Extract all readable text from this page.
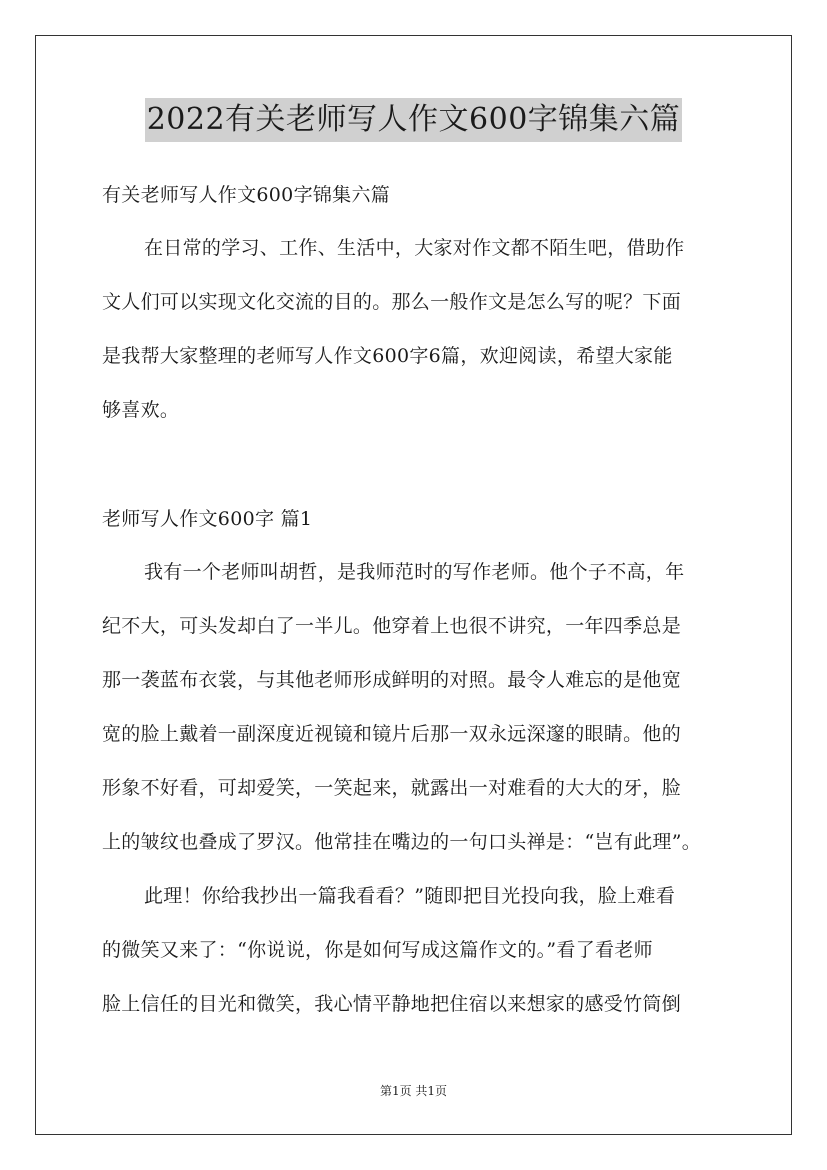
2022有关老师写人作文600字锦集六篇
有关老师写人作文600字锦集六篇
在日常的学习、工作、生活中，大家对作文都不陌生吧，借助作
文人们可以实现文化交流的目的。那么一般作文是怎么写的呢？下面
是我帮大家整理的老师写人作文600字6篇，欢迎阅读，希望大家能
够喜欢。
老师写人作文600字 篇1
我有一个老师叫胡哲，是我师范时的写作老师。他个子不高，年
纪不大，可头发却白了一半儿。他穿着上也很不讲究，一年四季总是
那一袭蓝布衣裳，与其他老师形成鲜明的对照。最令人难忘的是他宽
宽的脸上戴着一副深度近视镜和镜片后那一双永远深邃的眼睛。他的
形象不好看，可却爱笑，一笑起来，就露出一对难看的大大的牙，脸
上的皱纹也叠成了罗汉。他常挂在嘴边的一句口头禅是：“岂有此理”。
此理！你给我抄出一篇我看看？”随即把目光投向我，脸上难看
的微笑又来了：“你说说，你是如何写成这篇作文的。”看了看老师
脸上信任的目光和微笑，我心情平静地把住宿以来想家的感受竹筒倒
第1页 共1页
